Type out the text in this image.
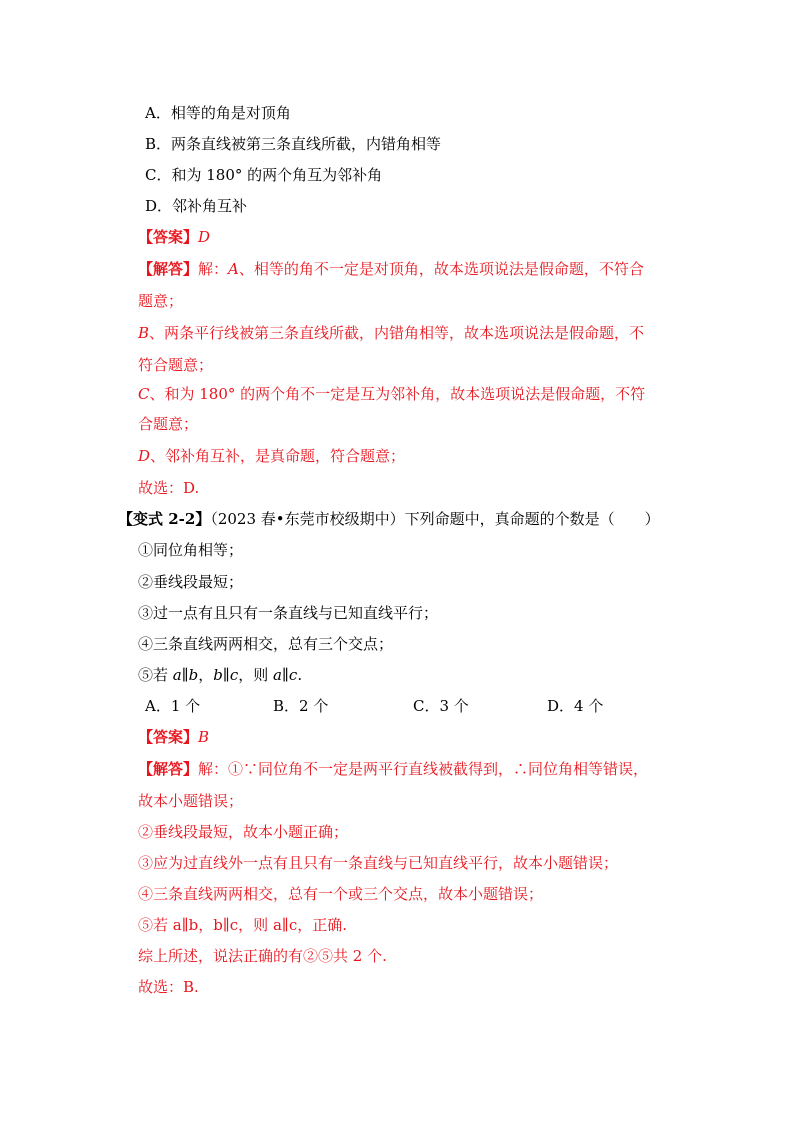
A．相等的角是对顶角
B．两条直线被第三条直线所截，内错角相等
C．和为 180° 的两个角互为邻补角
D．邻补角互补
【答案】D
【解答】解：A、相等的角不一定是对顶角，故本选项说法是假命题，不符合
题意；
B、两条平行线被第三条直线所截，内错角相等，故本选项说法是假命题，不
符合题意；
C、和为 180° 的两个角不一定是互为邻补角，故本选项说法是假命题，不符
合题意；
D、邻补角互补，是真命题，符合题意；
故选：D.
【变式 2-2】（2023 春•东莞市校级期中）下列命题中，真命题的个数是（　　）
①同位角相等；
②垂线段最短；
③过一点有且只有一条直线与已知直线平行；
④三条直线两两相交，总有三个交点；
⑤若 a∥b，b∥c，则 a∥c.
A．1 个	B．2 个	C．3 个	D．4 个
【答案】B
【解答】解：①∵同位角不一定是两平行直线被截得到，∴同位角相等错误，
故本小题错误；
②垂线段最短，故本小题正确；
③应为过直线外一点有且只有一条直线与已知直线平行，故本小题错误；
④三条直线两两相交，总有一个或三个交点，故本小题错误；
⑤若 a∥b，b∥c，则 a∥c，正确.
综上所述，说法正确的有②⑤共 2 个.
故选：B.
